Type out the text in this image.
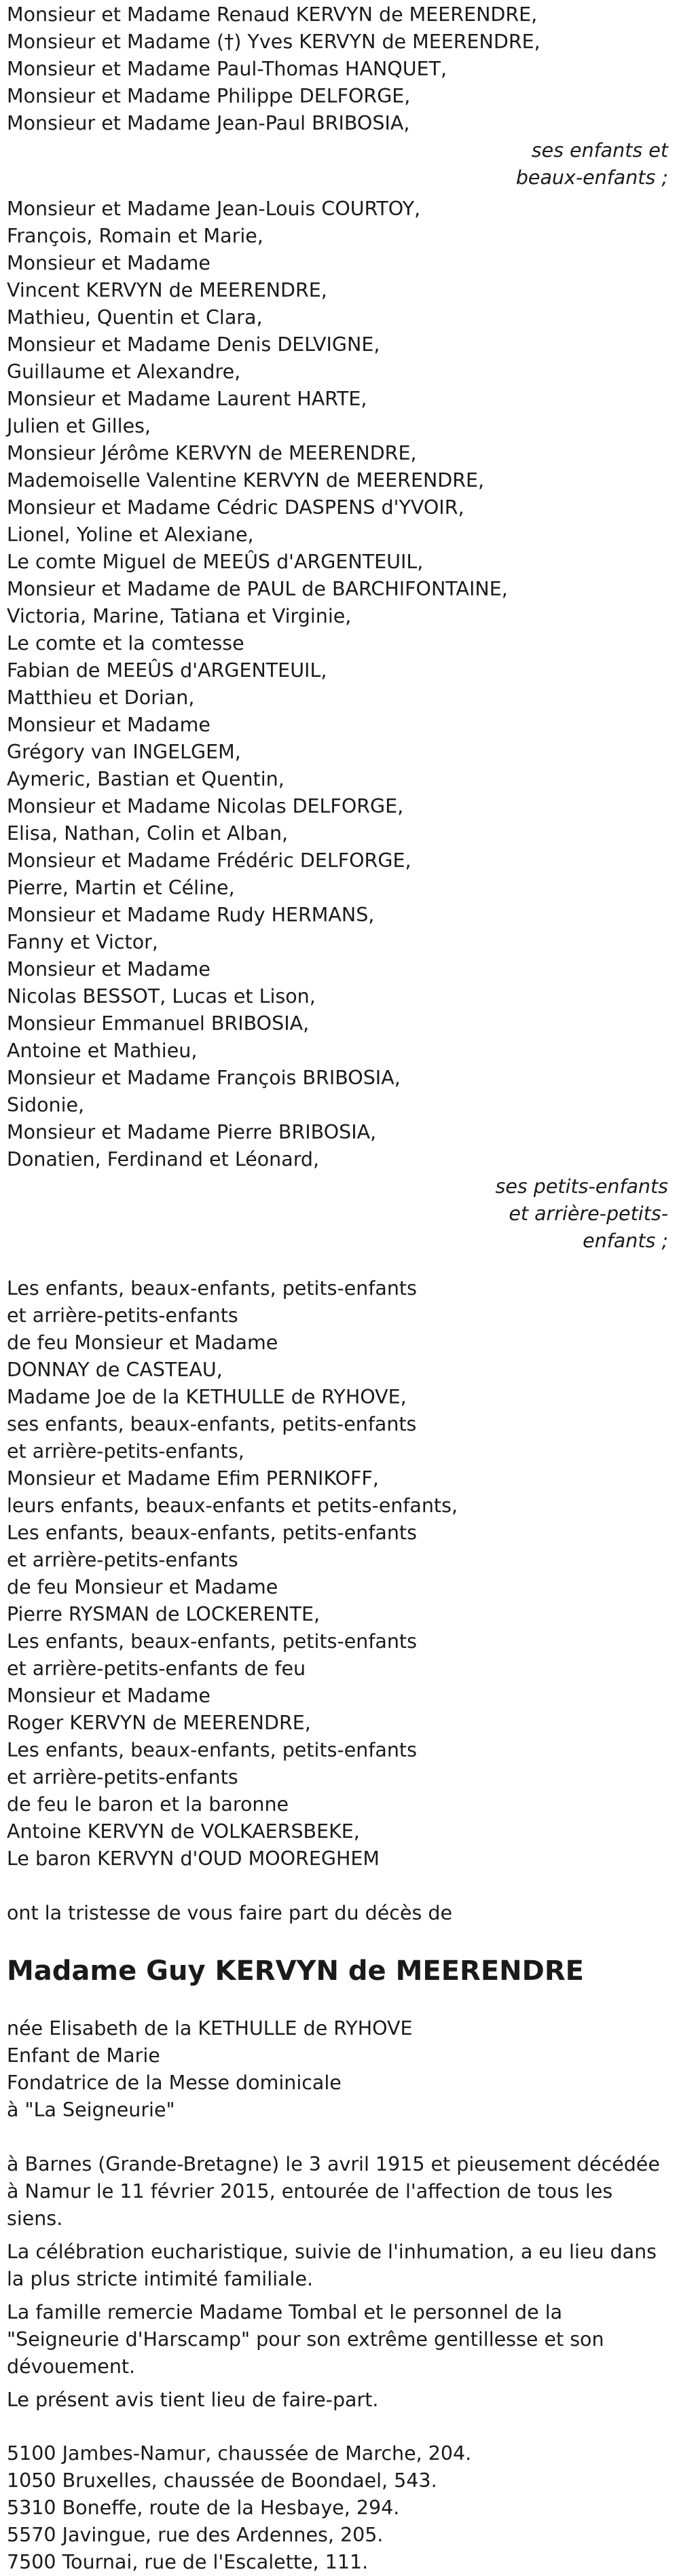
Monsieur et Madame Renaud KERVYN de MEERENDRE,
Monsieur et Madame (†) Yves KERVYN de MEERENDRE,
Monsieur et Madame Paul-Thomas HANQUET,
Monsieur et Madame Philippe DELFORGE,
Monsieur et Madame Jean-Paul BRIBOSIA,
ses enfants et
beaux-enfants ;
Monsieur et Madame Jean-Louis COURTOY,
François, Romain et Marie,
Monsieur et Madame
Vincent KERVYN de MEERENDRE,
Mathieu, Quentin et Clara,
Monsieur et Madame Denis DELVIGNE,
Guillaume et Alexandre,
Monsieur et Madame Laurent HARTE,
Julien et Gilles,
Monsieur Jérôme KERVYN de MEERENDRE,
Mademoiselle Valentine KERVYN de MEERENDRE,
Monsieur et Madame Cédric DASPENS d'YVOIR,
Lionel, Yoline et Alexiane,
Le comte Miguel de MEEÛS d'ARGENTEUIL,
Monsieur et Madame de PAUL de BARCHIFONTAINE,
Victoria, Marine, Tatiana et Virginie,
Le comte et la comtesse
Fabian de MEEÛS d'ARGENTEUIL,
Matthieu et Dorian,
Monsieur et Madame
Grégory van INGELGEM,
Aymeric, Bastian et Quentin,
Monsieur et Madame Nicolas DELFORGE,
Elisa, Nathan, Colin et Alban,
Monsieur et Madame Frédéric DELFORGE,
Pierre, Martin et Céline,
Monsieur et Madame Rudy HERMANS,
Fanny et Victor,
Monsieur et Madame
Nicolas BESSOT, Lucas et Lison,
Monsieur Emmanuel BRIBOSIA,
Antoine et Mathieu,
Monsieur et Madame François BRIBOSIA,
Sidonie,
Monsieur et Madame Pierre BRIBOSIA,
Donatien, Ferdinand et Léonard,
ses petits-enfants
et arrière-petits-
enfants ;
Les enfants, beaux-enfants, petits-enfants
et arrière-petits-enfants
de feu Monsieur et Madame
DONNAY de CASTEAU,
Madame Joe de la KETHULLE de RYHOVE,
ses enfants, beaux-enfants, petits-enfants
et arrière-petits-enfants,
Monsieur et Madame Efim PERNIKOFF,
leurs enfants, beaux-enfants et petits-enfants,
Les enfants, beaux-enfants, petits-enfants
et arrière-petits-enfants
de feu Monsieur et Madame
Pierre RYSMAN de LOCKERENTE,
Les enfants, beaux-enfants, petits-enfants
et arrière-petits-enfants de feu
Monsieur et Madame
Roger KERVYN de MEERENDRE,
Les enfants, beaux-enfants, petits-enfants
et arrière-petits-enfants
de feu le baron et la baronne
Antoine KERVYN de VOLKAERSBEKE,
Le baron KERVYN d'OUD MOOREGHEM
ont la tristesse de vous faire part du décès de
Madame Guy KERVYN de MEERENDRE
née Elisabeth de la KETHULLE de RYHOVE
Enfant de Marie
Fondatrice de la Messe dominicale
à "La Seigneurie"
à Barnes (Grande-Bretagne) le 3 avril 1915 et pieusement décédée à Namur le 11 février 2015, entourée de l'affection de tous les siens.
La célébration eucharistique, suivie de l'inhumation, a eu lieu dans la plus stricte intimité familiale.
La famille remercie Madame Tombal et le personnel de la "Seigneurie d'Harscamp" pour son extrême gentillesse et son dévouement.
Le présent avis tient lieu de faire-part.
5100 Jambes-Namur, chaussée de Marche, 204.
1050 Bruxelles, chaussée de Boondael, 543.
5310 Boneffe, route de la Hesbaye, 294.
5570 Javingue, rue des Ardennes, 205.
7500 Tournai, rue de l'Escalette, 111.
